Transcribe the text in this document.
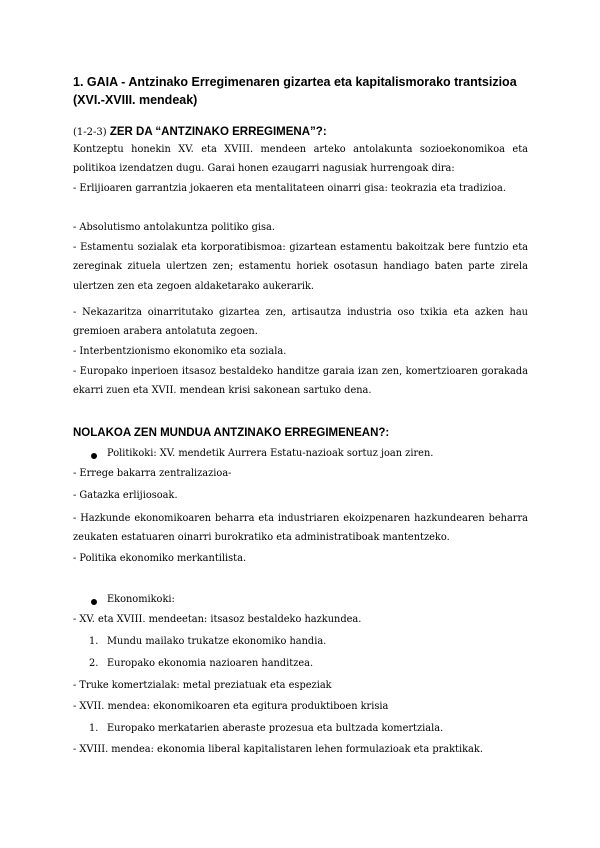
1. GAIA - Antzinako Erregimenaren gizartea eta kapitalismorako trantsizioa (XVI.-XVIII. mendeak)

(1-2-3) ZER DA “ANTZINAKO ERREGIMENA”?:

Kontzeptu honekin XV. eta XVIII. mendeen arteko antolakunta sozioekonomikoa eta politikoa izendatzen dugu. Garai honen ezaugarri nagusiak hurrengoak dira:

- Erlijioaren garrantzia jokaeren eta mentalitateen oinarri gisa: teokrazia eta tradizioa.

- Absolutismo antolakuntza politiko gisa.

- Estamentu sozialak eta korporatibismoa: gizartean estamentu bakoitzak bere funtzio eta zereginak zituela ulertzen zen; estamentu horiek osotasun handiago baten parte zirela ulertzen zen eta zegoen aldaketarako aukerarik.

- Nekazaritza oinarritutako gizartea zen, artisautza industria oso txikia eta azken hau gremioen arabera antolatuta zegoen.

- Interbentzionismo ekonomiko eta soziala.

- Europako inperioen itsasoz bestaldeko handitze garaia izan zen, komertzioaren gorakada ekarri zuen eta XVII. mendean krisi sakonean sartuko dena.

NOLAKOA ZEN MUNDUA ANTZINAKO ERREGIMENEAN?:

Politikoki: XV. mendetik Aurrera Estatu-nazioak sortuz joan ziren.

- Errege bakarra zentralizazioa-

- Gatazka erlijiosoak.

- Hazkunde ekonomikoaren beharra eta industriaren ekoizpenaren hazkundearen beharra zeukaten estatuaren oinarri burokratiko eta administratiboak mantentzeko.

- Politika ekonomiko merkantilista.

Ekonomikoki:

- XV. eta XVIII. mendeetan: itsasoz bestaldeko hazkundea.

1. Mundu mailako trukatze ekonomiko handia.

2. Europako ekonomia nazioaren handitzea.

- Truke komertzialak: metal preziatuak eta espeziak

- XVII. mendea: ekonomikoaren eta egitura produktiboen krisia

1. Europako merkatarien aberaste prozesua eta bultzada komertziala.

- XVIII. mendea: ekonomia liberal kapitalistaren lehen formulazioak eta praktikak.
